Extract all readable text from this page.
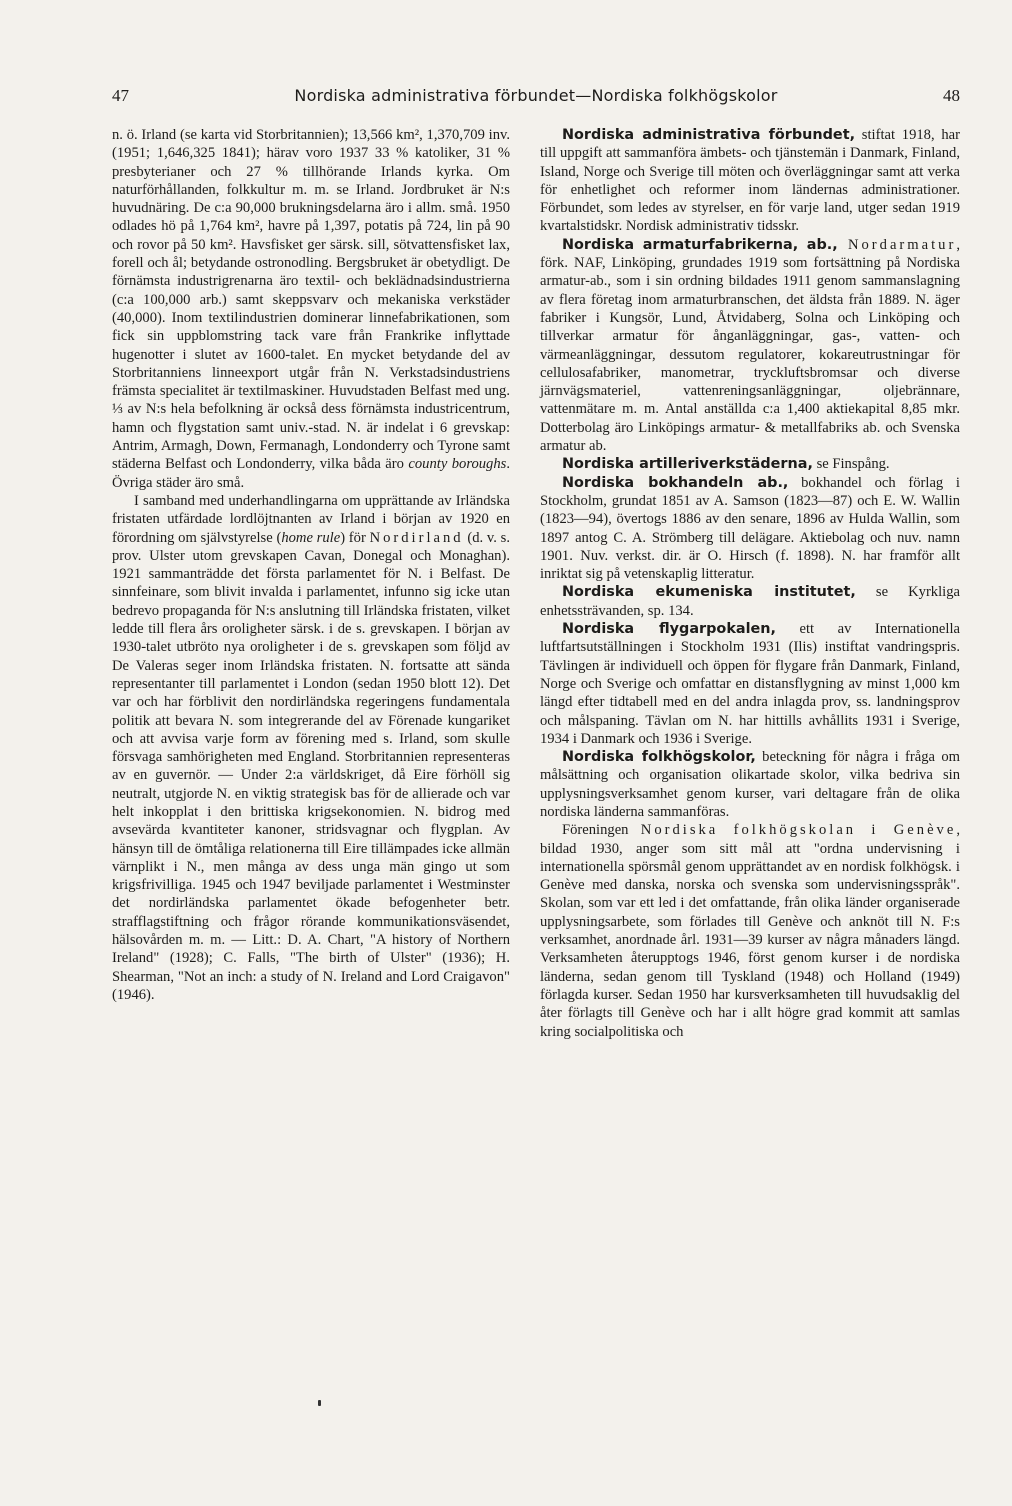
47	Nordiska administrativa förbundet—Nordiska folkhögskolor	48

n. ö. Irland (se karta vid Storbritannien); 13,566 km², 1,370,709 inv. (1951; 1,646,325 1841); härav voro 1937 33 % katoliker, 31 % presbyterianer och 27 % tillhörande Irlands kyrka. Om naturförhållanden, folkkultur m. m. se Irland. Jordbruket är N:s huvudnäring. De c:a 90,000 brukningsdelarna äro i allm. små. 1950 odlades hö på 1,764 km², havre på 1,397, potatis på 724, lin på 90 och rovor på 50 km². Havsfisket ger särsk. sill, sötvattensfisket lax, forell och ål; betydande ostronodling. Bergsbruket är obetydligt. De förnämsta industrigrenarna äro textil- och beklädnadsindustrierna (c:a 100,000 arb.) samt skeppsvarv och mekaniska verkstäder (40,000). Inom textilindustrien dominerar linnefabrikationen, som fick sin uppblomstring tack vare från Frankrike inflyttade hugenotter i slutet av 1600-talet. En mycket betydande del av Storbritanniens linneexport utgår från N. Verkstadsindustriens främsta specialitet är textilmaskiner. Huvudstaden Belfast med ung. ⅓ av N:s hela befolkning är också dess förnämsta industricentrum, hamn och flygstation samt univ.-stad. N. är indelat i 6 grevskap: Antrim, Armagh, Down, Fermanagh, Londonderry och Tyrone samt städerna Belfast och Londonderry, vilka båda äro county boroughs. Övriga städer äro små.

I samband med underhandlingarna om upprättande av Irländska fristaten utfärdade lordlöjtnanten av Irland i början av 1920 en förordning om självstyrelse (home rule) för Nordirland (d. v. s. prov. Ulster utom grevskapen Cavan, Donegal och Monaghan). 1921 sammanträdde det första parlamentet för N. i Belfast. De sinnfeinare, som blivit invalda i parlamentet, infunno sig icke utan bedrevo propaganda för N:s anslutning till Irländska fristaten, vilket ledde till flera års oroligheter särsk. i de s. grevskapen. I början av 1930-talet utbröto nya oroligheter i de s. grevskapen som följd av De Valeras seger inom Irländska fristaten. N. fortsatte att sända representanter till parlamentet i London (sedan 1950 blott 12). Det var och har förblivit den nordirländska regeringens fundamentala politik att bevara N. som integrerande del av Förenade kungariket och att avvisa varje form av förening med s. Irland, som skulle försvaga samhörigheten med England. Storbritannien representeras av en guvernör. — Under 2:a världskriget, då Eire förhöll sig neutralt, utgjorde N. en viktig strategisk bas för de allierade och var helt inkopplat i den brittiska krigsekonomien. N. bidrog med avsevärda kvantiteter kanoner, stridsvagnar och flygplan. Av hänsyn till de ömtåliga relationerna till Eire tillämpades icke allmän värnplikt i N., men många av dess unga män gingo ut som krigsfrivilliga. 1945 och 1947 beviljade parlamentet i Westminster det nordirländska parlamentet ökade befogenheter betr. strafflagstiftning och frågor rörande kommunikationsväsendet, hälsovården m. m. — Litt.: D. A. Chart, "A history of Northern Ireland" (1928); C. Falls, "The birth of Ulster" (1936); H. Shearman, "Not an inch: a study of N. Ireland and Lord Craigavon" (1946).

Nordiska administrativa förbundet, stiftat 1918, har till uppgift att sammanföra ämbets- och tjänstemän i Danmark, Finland, Island, Norge och Sverige till möten och överläggningar samt att verka för enhetlighet och reformer inom ländernas administrationer. Förbundet, som ledes av styrelser, en för varje land, utger sedan 1919 kvartalstidskr. Nordisk administrativ tidsskr.

Nordiska armaturfabrikerna, ab., Nordarmatur, förk. NAF, Linköping, grundades 1919 som fortsättning på Nordiska armatur-ab., som i sin ordning bildades 1911 genom sammanslagning av flera företag inom armaturbranschen, det äldsta från 1889. N. äger fabriker i Kungsör, Lund, Åtvidaberg, Solna och Linköping och tillverkar armatur för ånganläggningar, gas-, vatten- och värmeanläggningar, dessutom regulatorer, kokareutrustningar för cellulosafabriker, manometrar, tryckluftsbromsar och diverse järnvägsmateriel, vattenreningsanläggningar, oljebrännare, vattenmätare m. m. Antal anställda c:a 1,400 aktiekapital 8,85 mkr. Dotterbolag äro Linköpings armatur- & metallfabriks ab. och Svenska armatur ab.

Nordiska artilleriverkstäderna, se Finspång.

Nordiska bokhandeln ab., bokhandel och förlag i Stockholm, grundat 1851 av A. Samson (1823—87) och E. W. Wallin (1823—94), övertogs 1886 av den senare, 1896 av Hulda Wallin, som 1897 antog C. A. Strömberg till delägare. Aktiebolag och nuv. namn 1901. Nuv. verkst. dir. är O. Hirsch (f. 1898). N. har framför allt inriktat sig på vetenskaplig litteratur.

Nordiska ekumeniska institutet, se Kyrkliga enhetssträvanden, sp. 134.

Nordiska flygarpokalen, ett av Internationella luftfartsutställningen i Stockholm 1931 (Ilis) instiftat vandringspris. Tävlingen är individuell och öppen för flygare från Danmark, Finland, Norge och Sverige och omfattar en distansflygning av minst 1,000 km längd efter tidtabell med en del andra inlagda prov, ss. landningsprov och målspaning. Tävlan om N. har hittills avhållits 1931 i Sverige, 1934 i Danmark och 1936 i Sverige.

Nordiska folkhögskolor, beteckning för några i fråga om målsättning och organisation olikartade skolor, vilka bedriva sin upplysningsverksamhet genom kurser, vari deltagare från de olika nordiska länderna sammanföras.

Föreningen Nordiska folkhögskolan i Genève, bildad 1930, anger som sitt mål att "ordna undervisning i internationella spörsmål genom upprättandet av en nordisk folkhögsk. i Genève med danska, norska och svenska som undervisningsspråk". Skolan, som var ett led i det omfattande, från olika länder organiserade upplysningsarbete, som förlades till Genève och anknöt till N. F:s verksamhet, anordnade årl. 1931—39 kurser av några månaders längd. Verksamheten återupptogs 1946, först genom kurser i de nordiska länderna, sedan genom till Tyskland (1948) och Holland (1949) förlagda kurser. Sedan 1950 har kursverksamheten till huvudsaklig del åter förlagts till Genève och har i allt högre grad kommit att samlas kring socialpolitiska och
